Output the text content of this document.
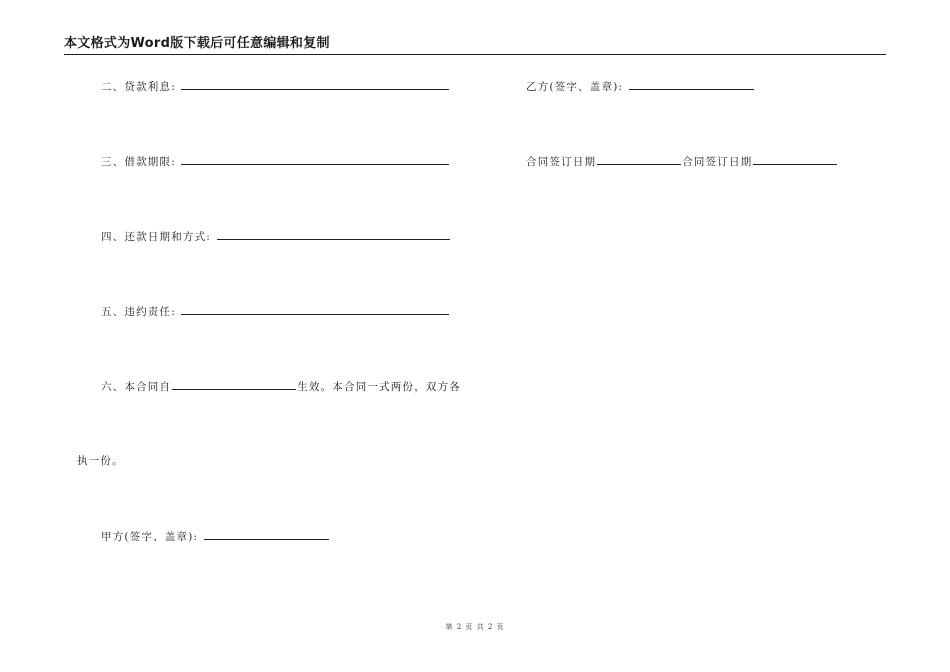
本文格式为Word版下载后可任意编辑和复制
二、贷款利息:
三、借款期限:
四、还款日期和方式:
五、违约责任:
六、本合同自	生效。本合同一式两份，双方各
执一份。
甲方(签字、盖章):
乙方(签字、盖章):
合同签订日期	合同签订日期
第 2 页 共 2 页
